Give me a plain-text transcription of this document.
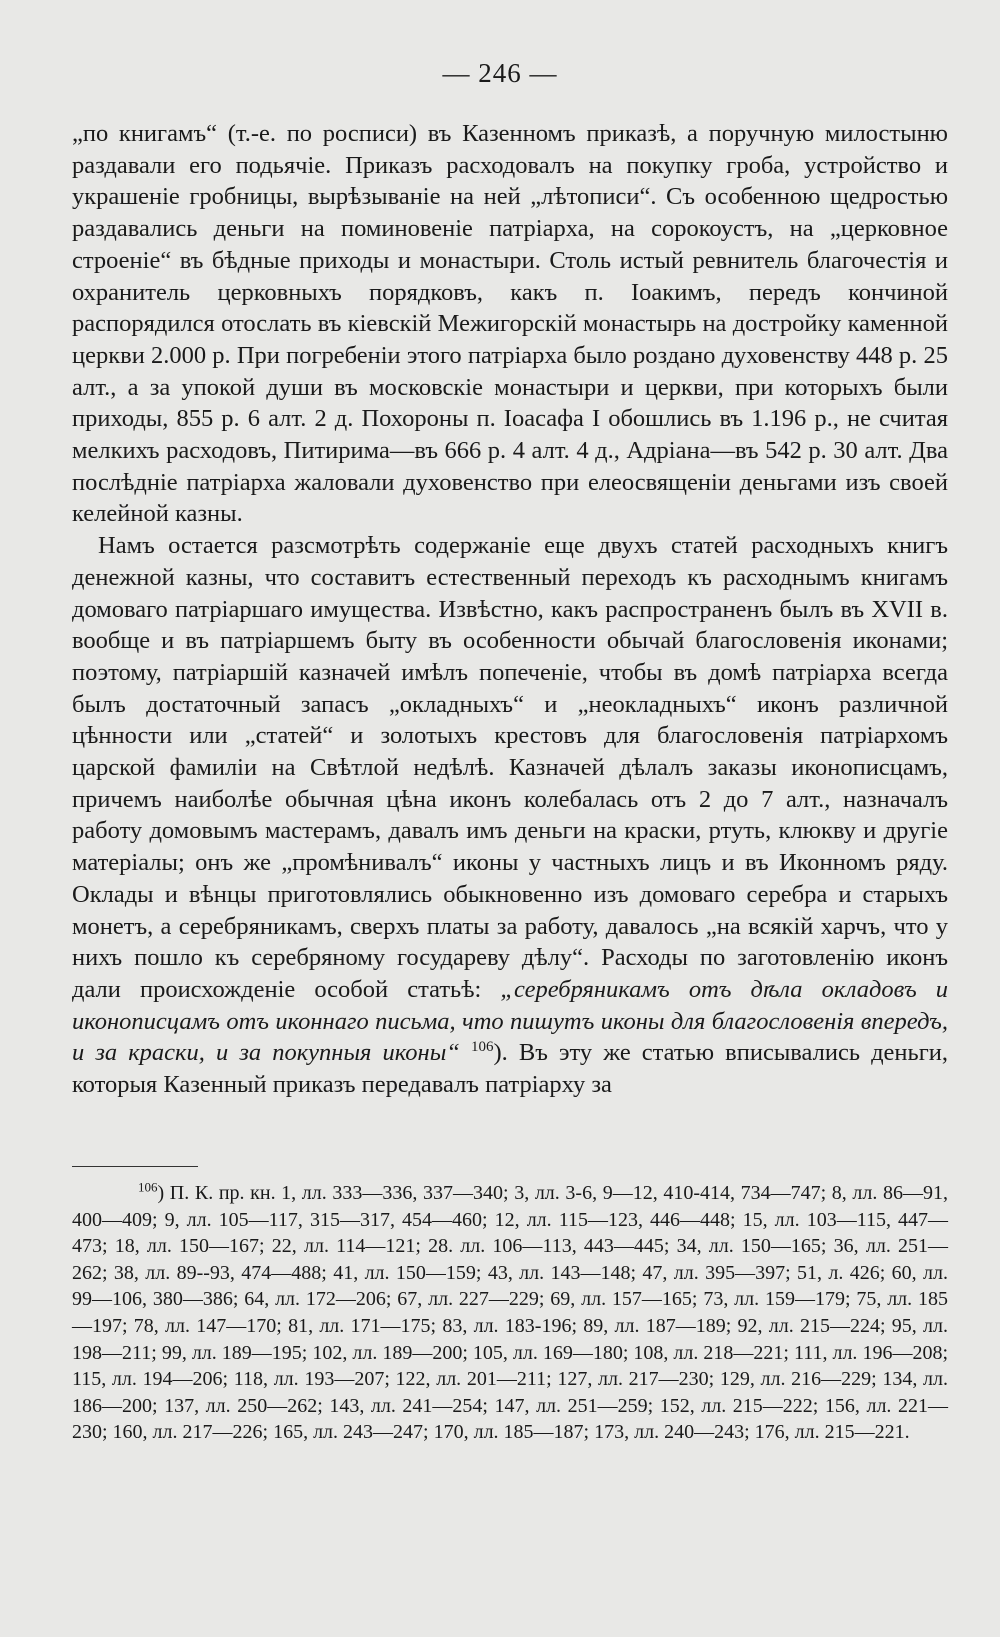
— 246 —

„по книгамъ“ (т.-е. по росписи) въ Казенномъ приказѣ, а поручную милостыню раздавали его подьячіе. Приказъ расходовалъ на покупку гроба, устройство и украшеніе гробницы, вырѣзываніе на ней „лѣтописи“. Съ особенною щедростью раздавались деньги на поминовеніе патріарха, на сорокоустъ, на „церковное строеніе“ въ бѣдные приходы и монастыри. Столь истый ревнитель благочестія и охранитель церковныхъ порядковъ, какъ п. Іоакимъ, передъ кончиной распорядился отослать въ кіевскій Межигорскій монастырь на достройку каменной церкви 2.000 р. При погребеніи этого патріарха было роздано духовенству 448 р. 25 алт., а за упокой души въ московскіе монастыри и церкви, при которыхъ были приходы, 855 р. 6 алт. 2 д. Похороны п. Іоасафа І обошлись въ 1.196 р., не считая мелкихъ расходовъ, Питирима—въ 666 р. 4 алт. 4 д., Адріана—въ 542 р. 30 алт. Два послѣдніе патріарха жаловали духовенство при елеосвященіи деньгами изъ своей келейной казны.

Намъ остается разсмотрѣть содержаніе еще двухъ статей расходныхъ книгъ денежной казны, что составитъ естественный переходъ къ расходнымъ книгамъ домоваго патріаршаго имущества. Извѣстно, какъ распространенъ былъ въ XVII в. вообще и въ патріаршемъ быту въ особенности обычай благословенія иконами; поэтому, патріаршій казначей имѣлъ попеченіе, чтобы въ домѣ патріарха всегда былъ достаточный запасъ „окладныхъ“ и „неокладныхъ“ иконъ различной цѣнности или „статей“ и золотыхъ крестовъ для благословенія патріархомъ царской фамиліи на Свѣтлой недѣлѣ. Казначей дѣлалъ заказы иконописцамъ, причемъ наиболѣе обычная цѣна иконъ колебалась отъ 2 до 7 алт., назначалъ работу домовымъ мастерамъ, давалъ имъ деньги на краски, ртуть, клюкву и другіе матеріалы; онъ же „промѣнивалъ“ иконы у частныхъ лицъ и въ Иконномъ ряду. Оклады и вѣнцы приготовлялись обыкновенно изъ домоваго серебра и старыхъ монетъ, а серебряникамъ, сверхъ платы за работу, давалось „на всякій харчъ, что у нихъ пошло къ серебряному государеву дѣлу“. Расходы по заготовленію иконъ дали происхожденіе особой статьѣ: „серебряникамъ отъ дѣла окладовъ и иконописцамъ отъ иконнаго письма, что пишутъ иконы для благословенія впередъ, и за краски, и за покупныя иконы“ $^{106}$). Въ эту же статью вписывались деньги, которыя Казенный приказъ передавалъ патріарху за

$^{106}$) П. К. пр. кн. 1, лл. 333—336, 337—340; 3, лл. 3-6, 9—12, 410-414, 734—747; 8, лл. 86—91, 400—409; 9, лл. 105—117, 315—317, 454—460; 12, лл. 115—123, 446—448; 15, лл. 103—115, 447—473; 18, лл. 150—167; 22, лл. 114—121; 28. лл. 106—113, 443—445; 34, лл. 150—165; 36, лл. 251—262; 38, лл. 89--93, 474—488; 41, лл. 150—159; 43, лл. 143—148; 47, лл. 395—397; 51, л. 426; 60, лл. 99—106, 380—386; 64, лл. 172—206; 67, лл. 227—229; 69, лл. 157—165; 73, лл. 159—179; 75, лл. 185—197; 78, лл. 147—170; 81, лл. 171—175; 83, лл. 183-196; 89, лл. 187—189; 92, лл. 215—224; 95, лл. 198—211; 99, лл. 189—195; 102, лл. 189—200; 105, лл. 169—180; 108, лл. 218—221; 111, лл. 196—208; 115, лл. 194—206; 118, лл. 193—207; 122, лл. 201—211; 127, лл. 217—230; 129, лл. 216—229; 134, лл. 186—200; 137, лл. 250—262; 143, лл. 241—254; 147, лл. 251—259; 152, лл. 215—222; 156, лл. 221—230; 160, лл. 217—226; 165, лл. 243—247; 170, лл. 185—187; 173, лл. 240—243; 176, лл. 215—221.
